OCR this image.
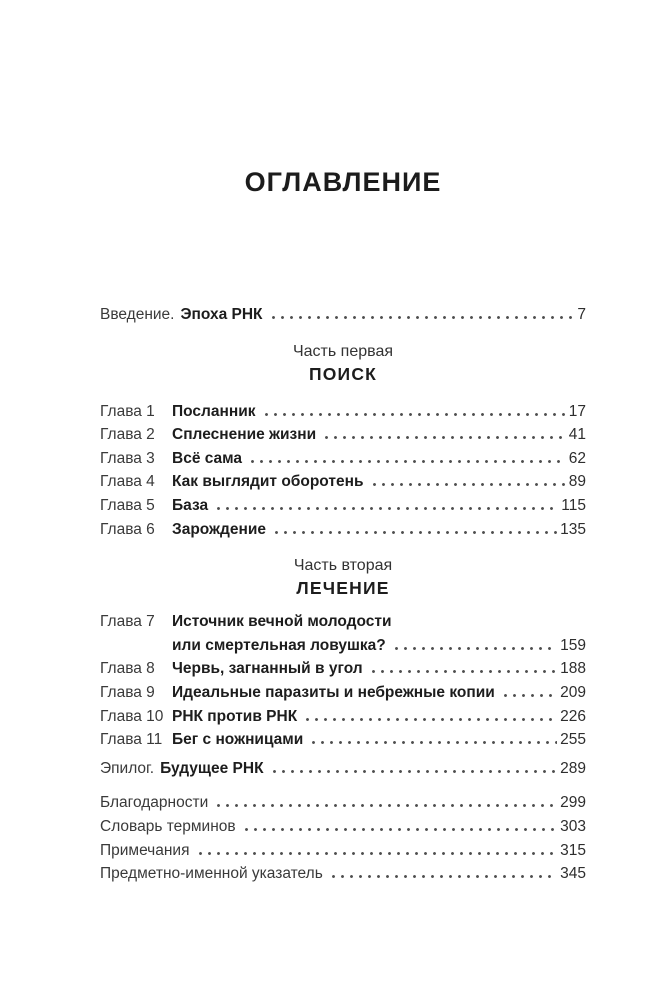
ОГЛАВЛЕНИЕ
Введение. Эпоха РНК	7
Часть первая
ПОИСК
Глава 1	Посланник	17
Глава 2	Сплеснение жизни	41
Глава 3	Всё сама	62
Глава 4	Как выглядит оборотень	89
Глава 5	База	115
Глава 6	Зарождение	135
Часть вторая
ЛЕЧЕНИЕ
Глава 7	Источник вечной молодости
или смертельная ловушка?	159
Глава 8	Червь, загнанный в угол	188
Глава 9	Идеальные паразиты и небрежные копии	209
Глава 10 РНК против РНК	226
Глава 11 Бег с ножницами	255
Эпилог. Будущее РНК	289
Благодарности	299
Словарь терминов	303
Примечания	315
Предметно-именной указатель	345
